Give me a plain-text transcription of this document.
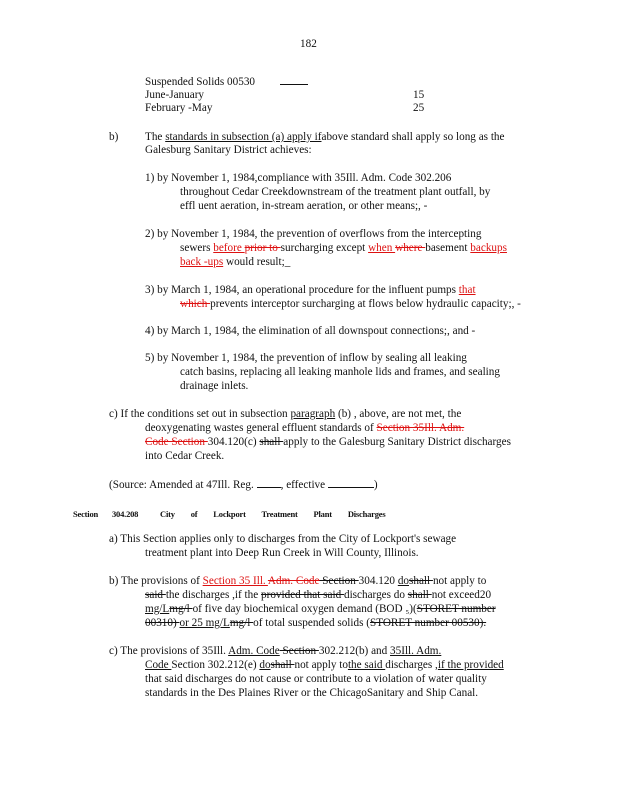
182
Suspended Solids 00530
June-January	15
February -May	25
b) The standards in subsection (a) apply ifabove standard shall apply so long as the
Galesburg Sanitary District achieves:
1) by November 1, 1984,compliance with 35Ill. Adm. Code 302.206
throughout Cedar Creekdownstream of the treatment plant outfall, by
effl uent aeration, in-stream aeration, or other means;, -
2) by November 1, 1984, the prevention of overflows from the intercepting
sewers before prior to surcharging except when where basement backups
back -ups would result;_
3) by March 1, 1984, an operational procedure for the influent pumps that
which prevents interceptor surcharging at flows below hydraulic capacity;, -
4) by March 1, 1984, the elimination of all downspout connections;, and -
5) by November 1, 1984, the prevention of inflow by sealing all leaking
catch basins, replacing all leaking manhole lids and frames, and sealing
drainage inlets.
c) If the conditions set out in subsection paragraph (b) , above, are not met, the
deoxygenating wastes general effluent standards of Section 35Ill. Adm.
Code Section 304.120(c) shall apply to the Galesburg Sanitary District discharges
into Cedar Creek.
(Source: Amended at 47Ill. Reg. , effective	)
Section 304.208	City of Lockport Treatment Plant Discharges
a) This Section applies only to discharges from the City of Lockport's sewage
treatment plant into Deep Run Creek in Will County, Illinois.
b) The provisions of Section 35 Ill. Adm. Code Section 304.120 doshall not apply to
said the discharges ,if the provided that said discharges do shall not exceed20
mg/Lmg/l of five day biochemical oxygen demand (BOD ₅)(STORET number
00310) or 25 mg/Lmg/l of total suspended solids (STORET number 00530).
c) The provisions of 35Ill. Adm. Code Section 302.212(b) and 35Ill. Adm.
Code Section 302.212(e) doshall not apply tothe said discharges ,if the provided
that said discharges do not cause or contribute to a violation of water quality
standards in the Des Plaines River or the ChicagoSanitary and Ship Canal.
